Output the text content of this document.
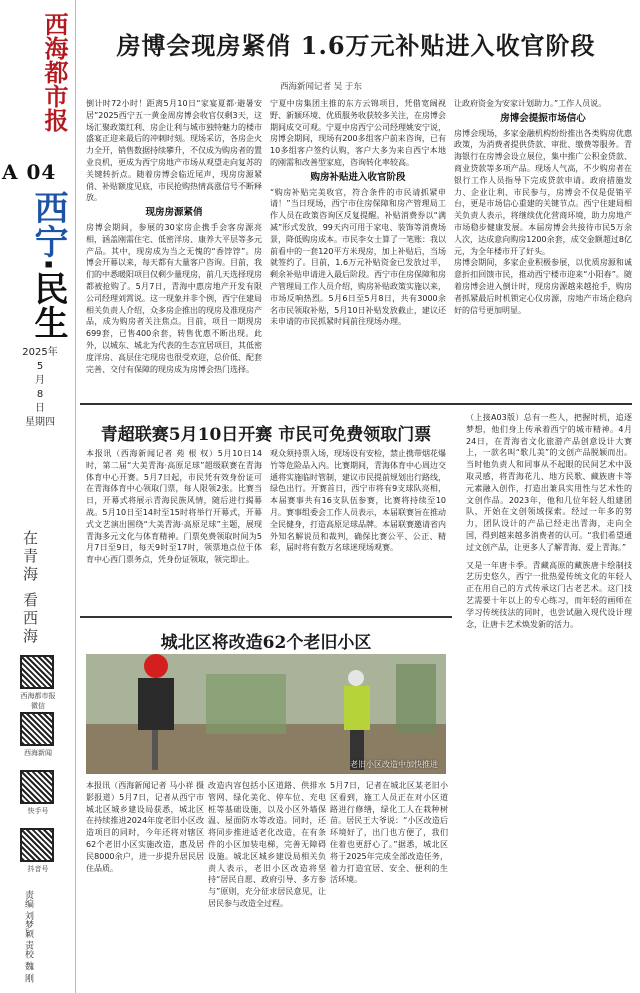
西海都市报
A 04
西宁·民生
2025年
5
月
8
日
星期四
在青海 看西海
西海都市报微信
西海新闻
快手号
抖音号
责编 刘梦颖 责校 魏 刚
房博会现房紧俏 1.6万元补贴进入收官阶段
西海新闻记者 吴 于东

倒计时72小时！距离5月10日“家宴夏都·避暑安居”2025西宁五一黄金周房博会收官仅剩3天，这场汇聚政策红利、房企让利与城市独特魅力的楼市盛宴正迎来最后的冲刺时刻。现场采访，各房企火力全开，销售数据持续攀升，不仅成为购房者的置业良机，更成为西宁房地产市场从观望走向复苏的关键转折点。随着房博会临近尾声，现房房源紧俏、补贴额度见底，市民抢购热情高涨信号不断释放。

现房房源紧俏

房博会期间，参展的30家房企携手会客房源亮相，涵盖刚需住宅、低密洋房、康养大平层等多元产品。其中，现房成为当之无愧的“香饽饽”。房博会开幕以来，每天都有大量客户咨询。目前，我们的中悉暖阳项目仅剩少量现房，前几天选择现房都被抢购了。5月7日，青海中惠房地产开发有限公司经理刘霄说。这一现象并非个例，西宁住建局相关负责人介绍，众多房企推出的现房及准现房产品，成为购房者关注焦点。目前，项目一期现房699套，已售400余套，转售优惠不断出现。此外，以城东、城北为代表的生态宜居项目，其低密度洋房、高层住宅现房也很受欢迎，总价低、配套完善、交付有保障的现房成为房博会热门选择。

宁夏中房集团主推的东方云锦项目，凭借宽阔视野、新颖环境、优质服务收获较多关注，在房博会期间成交可观。宁夏中房西宁公司经理姚安宁说，房博会期间，现场有200多组客户前来咨询，已有10多组客户签约认购，客户大多为来自西宁本地的刚需和改善型家庭，咨询转化率较高。

购房补贴进入收官阶段

“购房补贴完美收官，符合条件的市民请抓紧申请！”当日现场，西宁市住房保障和房产管理局工作人员在政策咨询区反复提醒。补贴消费券以“满减”形式发放，99天内可用于家电、装饰等消费场景，降低购房成本。市民李女士算了一笔账：我以前看中的一套120平方米现房，加上补贴后，当场就签约了。目前，1.6万元补贴资金已发放过半，剩余补贴申请进入最后阶段。西宁市住房保障和房产管理局工作人员介绍，购房补贴政策实施以来，市场反响热烈。5月6日至5月8日，共有3000余名市民领取补贴，5月10日补贴发放截止，建议还未申请的市民抓紧时间前往现场办理。

让政府资金为安家计划助力。”工作人员说。

房博会提振市场信心

房博会现场，多家金融机构纷纷推出各类购房优惠政策，为消费者提供贷款、审批、缴费等服务。青海银行在房博会设立展位，集中推广公积金贷款、商业贷款等多项产品。现场人气高，不少购房者在银行工作人员指导下完成贷款申请。政府措施发力、企业让利、市民参与，房博会不仅是促销平台，更是市场信心重建的关键节点。西宁住建局相关负责人表示，将继续优化营商环境，助力房地产市场稳步健康发展。本届房博会共接待市民5万余人次，达成意向购房1200余套，成交金额超过8亿元，为全年楼市开了好头。

房博会期间，多家企业积极参展，以优质房源和诚意折扣回馈市民，推动西宁楼市迎来“小阳春”。随着房博会进入倒计时，现房房源越来越抢手，购房者抓紧最后时机锁定心仪房源，房地产市场企稳向好的信号更加明显。

青超联赛5月10日开赛 市民可免费领取门票

本报讯（西海新闻记者 苑 根 权）5月10日14时，第二届“大美青海·高原足球”超级联赛在青海体育中心开赛。5月7日起，市民凭有效身份证可在青海体育中心领取门票，每人限领2张。比赛当日，开幕式将展示青海民族风情，随后进行揭幕战。5月10日至14时至15时将举行开幕式，开幕式文艺演出围绕“大美青海·高原足球”主题，展现青海多元文化与体育精神。门票免费领取时间为5月7日至9日，每天9时至17时，领票地点位于体育中心西门票务点，凭身份证领取，领完即止。

观众须持票入场，现场设有安检，禁止携带烟花爆竹等危险品入内。比赛期间，青海体育中心周边交通将实施临时管制，建议市民提前规划出行路线，绿色出行。开赛首日，西宁市将有9支球队亮相，本届赛事共有16支队伍参赛，比赛将持续至10月。赛事组委会工作人员表示，本届联赛旨在推动全民健身，打造高原足球品牌。本届联赛邀请省内外知名解说员和裁判，确保比赛公平、公正、精彩，届时将有数万名球迷现场观赛。

（上接A03版）总有一些人，把握时机，追逐梦想，他们身上传承着西宁的城市精神。4月24日，在青海省文化旅游产品创意设计大赛上，一款名叫“歌儿美”的文创产品脱颖而出。当时他负责人和同事从不起眼的民间艺术中汲取灵感，将青海花儿、地方民歌、藏族唐卡等元素融入创作，打造出兼具实用性与艺术性的文创作品。2023年，他和几位年轻人组建团队，开始在文创领域探索。经过一年多的努力，团队设计的产品已经走出青海，走向全国，得到越来越多消费者的认可。“我们希望通过文创产品，让更多人了解青海、爱上青海。”

又是一年唐卡季。青藏高原的藏族唐卡绘制技艺历史悠久，西宁一批热爱传统文化的年轻人正在用自己的方式传承这门古老艺术。这门技艺需要十年以上的专心练习，而年轻的画师在学习传统技法的同时，也尝试融入现代设计理念，让唐卡艺术焕发新的活力。

城北区将改造62个老旧小区
老旧小区改造中加快推进

本报讯（西海新闻记者 马小祥 摄影报道）5月7日，记者从西宁市城北区城乡建设局获悉，城北区在持续推进2024年度老旧小区改造项目的同时，今年还将对辖区62个老旧小区实施改造，惠及居民8000余户，进一步提升居民居住品质。

改造内容包括小区道路、供排水管网、绿化美化、停车位、充电桩等基础设施，以及小区外墙保温、屋面防水等改造。同时，还将同步推进适老化改造，在有条件的小区加装电梯，完善无障碍设施。城北区城乡建设局相关负责人表示，老旧小区改造将坚持“居民自愿、政府引导、多方参与”原则，充分征求居民意见，让居民参与改造全过程。

5月7日，记者在城北区某老旧小区看到，施工人员正在对小区道路进行修缮，绿化工人在栽种树苗。居民王大爷说：“小区改造后环境好了，出门也方便了，我们住着也更舒心了。”据悉，城北区将于2025年完成全部改造任务，着力打造宜居、安全、便利的生活环境。
